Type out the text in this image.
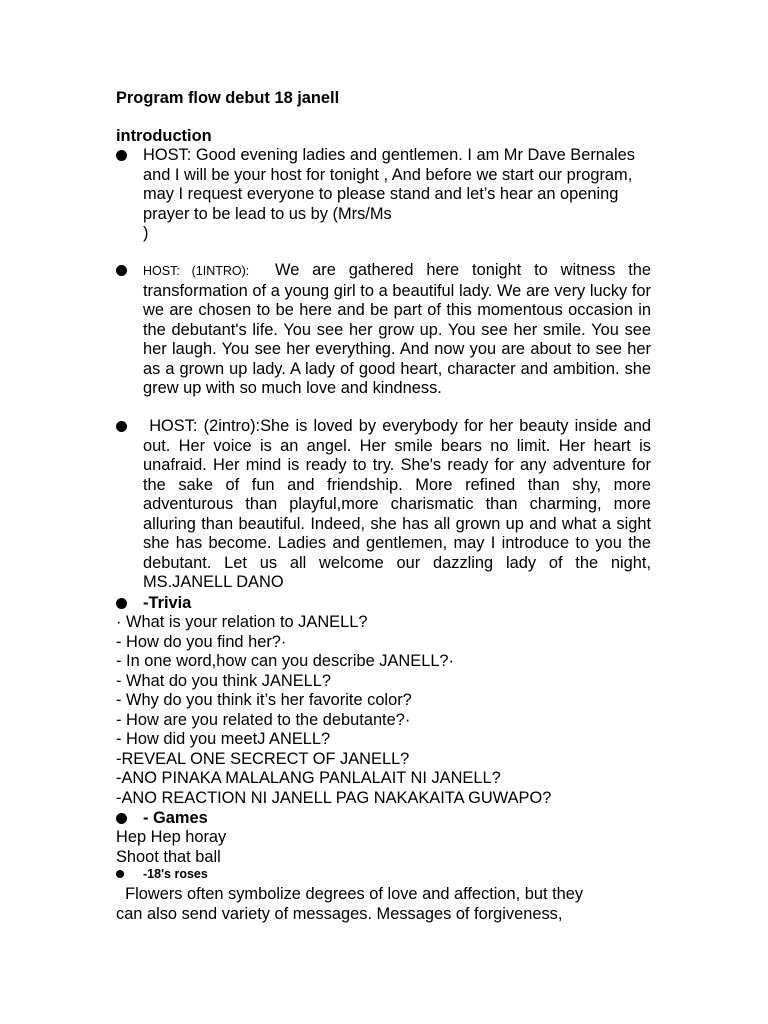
Program flow debut 18 janell
introduction
HOST: Good evening ladies and gentlemen. I am Mr Dave Bernales and I will be your host for tonight , And before we start our program, may I request everyone to please stand and let’s hear an opening prayer to be lead to us by (Mrs/Ms
)
HOST: (1INTRO): We are gathered here tonight to witness the transformation of a young girl to a beautiful lady. We are very lucky for we are chosen to be here and be part of this momentous occasion in the debutant's life. You see her grow up. You see her smile. You see her laugh. You see her everything. And now you are about to see her as a grown up lady. A lady of good heart, character and ambition. she grew up with so much love and kindness.
HOST: (2intro):She is loved by everybody for her beauty inside and out. Her voice is an angel. Her smile bears no limit. Her heart is unafraid. Her mind is ready to try. She's ready for any adventure for the sake of fun and friendship. More refined than shy, more adventurous than playful,more charismatic than charming, more alluring than beautiful. Indeed, she has all grown up and what a sight she has become. Ladies and gentlemen, may I introduce to you the debutant. Let us all welcome our dazzling lady of the night, MS.JANELL DANO
-Trivia
· What is your relation to JANELL?
- How do you find her?·
- In one word,how can you describe JANELL?·
- What do you think JANELL?
- Why do you think it’s her favorite color?
- How are you related to the debutante?·
- How did you meetJ ANELL?
-REVEAL ONE SECRECT OF JANELL?
-ANO PINAKA MALALANG PANLALAIT NI JANELL?
-ANO REACTION NI JANELL PAG NAKAKAITA GUWAPO?
- Games
Hep Hep horay
Shoot that ball
-18's roses
Flowers often symbolize degrees of love and affection, but they
can also send variety of messages. Messages of forgiveness,
